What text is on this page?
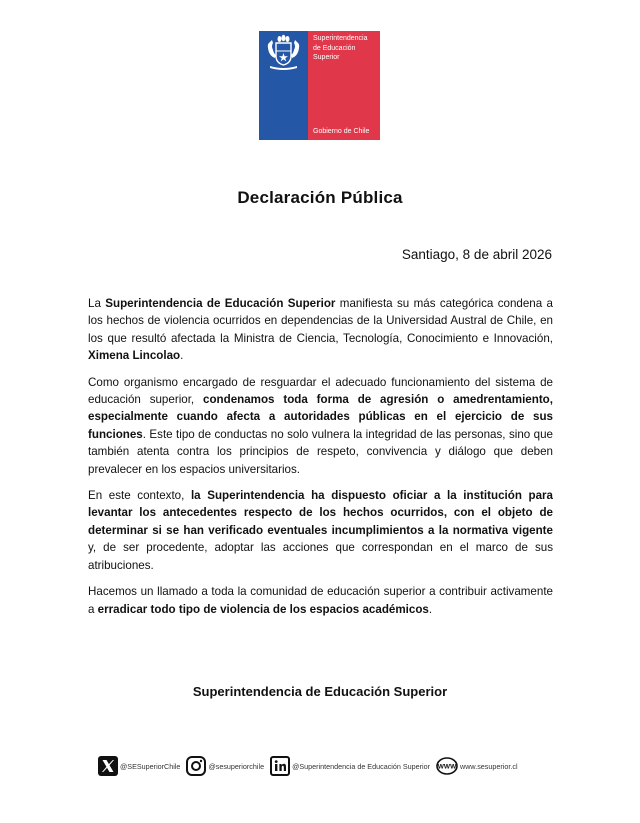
Superintendencia
de Educación
Superior
Gobierno de Chile
Declaración Pública
Santiago, 8 de abril 2026

La Superintendencia de Educación Superior manifiesta su más categórica condena a los hechos de violencia ocurridos en dependencias de la Universidad Austral de Chile, en los que resultó afectada la Ministra de Ciencia, Tecnología, Conocimiento e Innovación, Ximena Lincolao.

Como organismo encargado de resguardar el adecuado funcionamiento del sistema de educación superior, condenamos toda forma de agresión o amedrentamiento, especialmente cuando afecta a autoridades públicas en el ejercicio de sus funciones. Este tipo de conductas no solo vulnera la integridad de las personas, sino que también atenta contra los principios de respeto, convivencia y diálogo que deben prevalecer en los espacios universitarios.

En este contexto, la Superintendencia ha dispuesto oficiar a la institución para levantar los antecedentes respecto de los hechos ocurridos, con el objeto de determinar si se han verificado eventuales incumplimientos a la normativa vigente y, de ser procedente, adoptar las acciones que correspondan en el marco de sus atribuciones.

Hacemos un llamado a toda la comunidad de educación superior a contribuir activamente a erradicar todo tipo de violencia de los espacios académicos.

Superintendencia de Educación Superior
@SESuperiorChile	@sesuperiorchile	@Superintendencia de Educación Superior WWW www.sesuperior.cl
